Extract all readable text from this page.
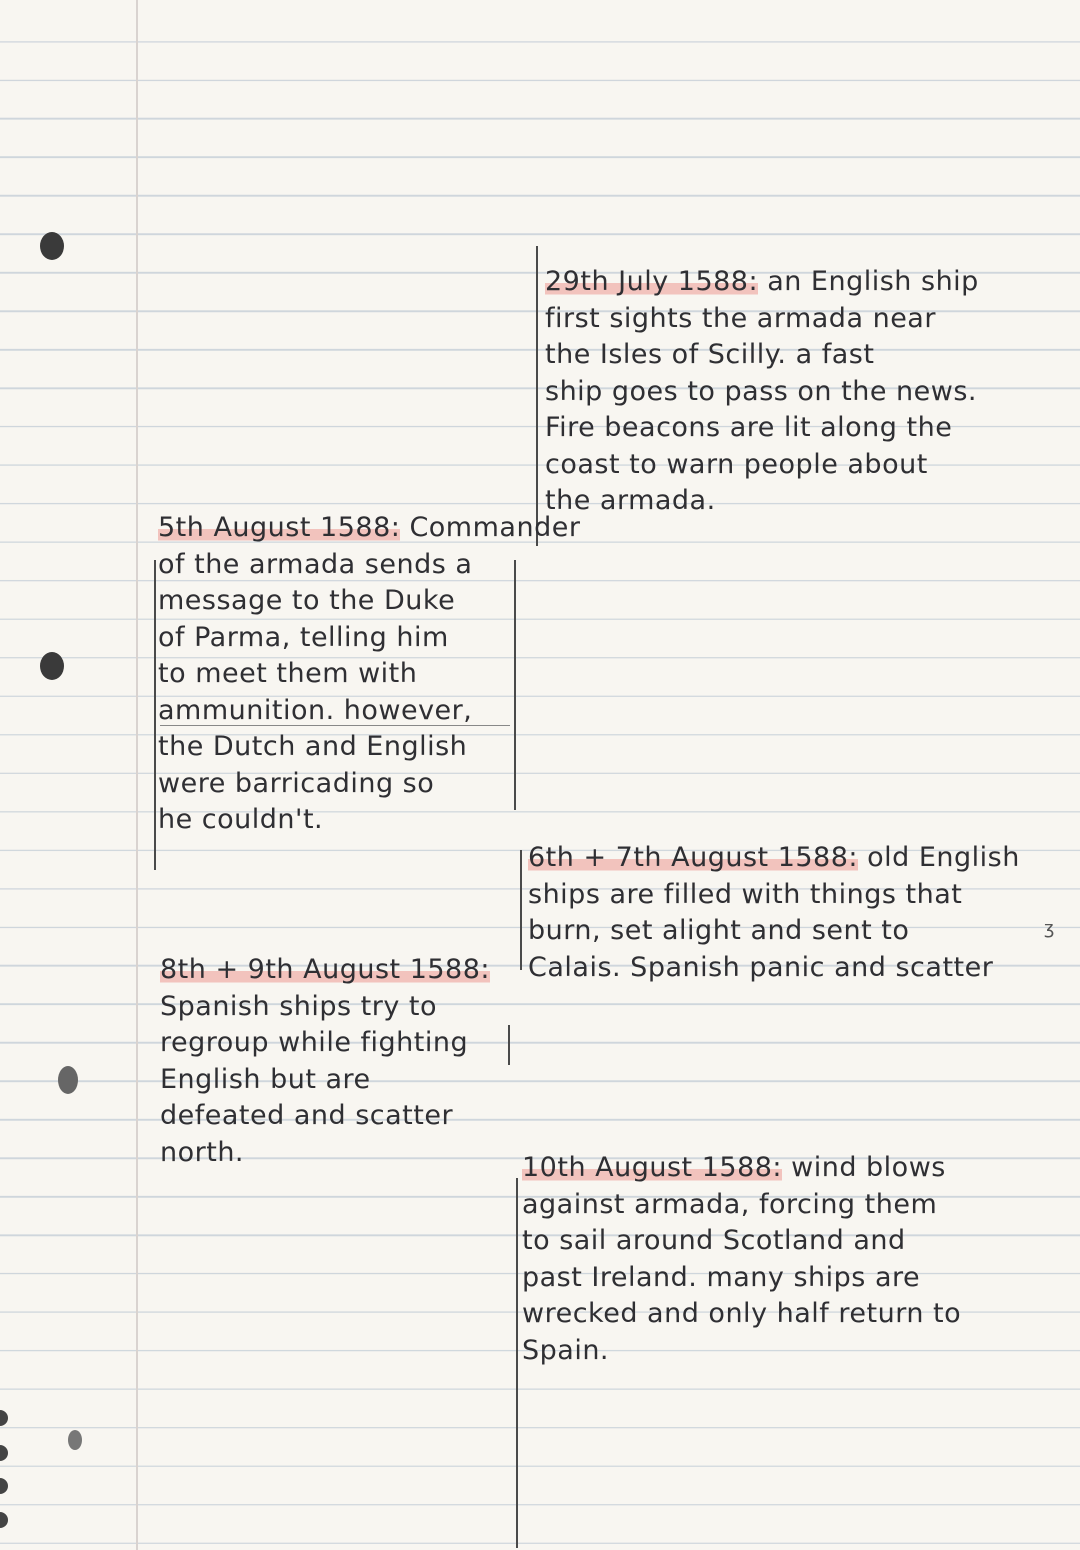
29th July 1588: an English ship
first sights the armada near
the Isles of Scilly. a fast
ship goes to pass on the news.
Fire beacons are lit along the
coast to warn people about
the armada.
5th August 1588: Commander
of the armada sends a
message to the Duke
of Parma, telling him
to meet them with
ammunition. however,
the Dutch and English
were barricading so
he couldn't.
6th + 7th August 1588: old English
ships are filled with things that
burn, set alight and sent to
Calais. Spanish panic and scatter
ʒ
8th + 9th August 1588:
Spanish ships try to
regroup while fighting
English but are
defeated and scatter
north.	10th August 1588: wind blows
against armada, forcing them
to sail around Scotland and
past Ireland. many ships are
wrecked and only half return to
Spain.
